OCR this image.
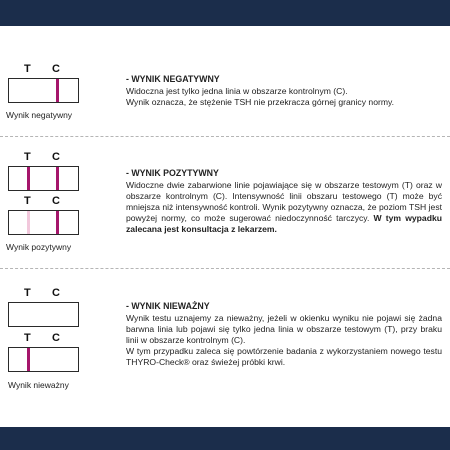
T C
Wynik negatywny
- WYNIK NEGATYWNY

Widoczna jest tylko jedna linia w obszarze kontrolnym (C).

Wynik oznacza, że stężenie TSH nie przekracza górnej granicy normy.

T C
T C
Wynik pozytywny
- WYNIK POZYTYWNY

Widoczne dwie zabarwione linie pojawiające się w obszarze testowym (T) oraz w obszarze kontrolnym (C). Intensywność linii obszaru testowego (T) może być mniejsza niż intensywność kontroli. Wynik pozytywny oznacza, że poziom TSH jest powyżej normy, co może sugerować niedoczynność tarczycy. W tym wypadku zalecana jest konsultacja z lekarzem.

T C
T C
Wynik nieważny
- WYNIK NIEWAŻNY

Wynik testu uznajemy za nieważny, jeżeli w okienku wyniku nie pojawi się żadna barwna linia lub pojawi się tylko jedna linia w obszarze testowym (T), przy braku linii w obszarze kontrolnym (C).

W tym przypadku zaleca się powtórzenie badania z wykorzystaniem nowego testu THYRO-Check® oraz świeżej próbki krwi.
